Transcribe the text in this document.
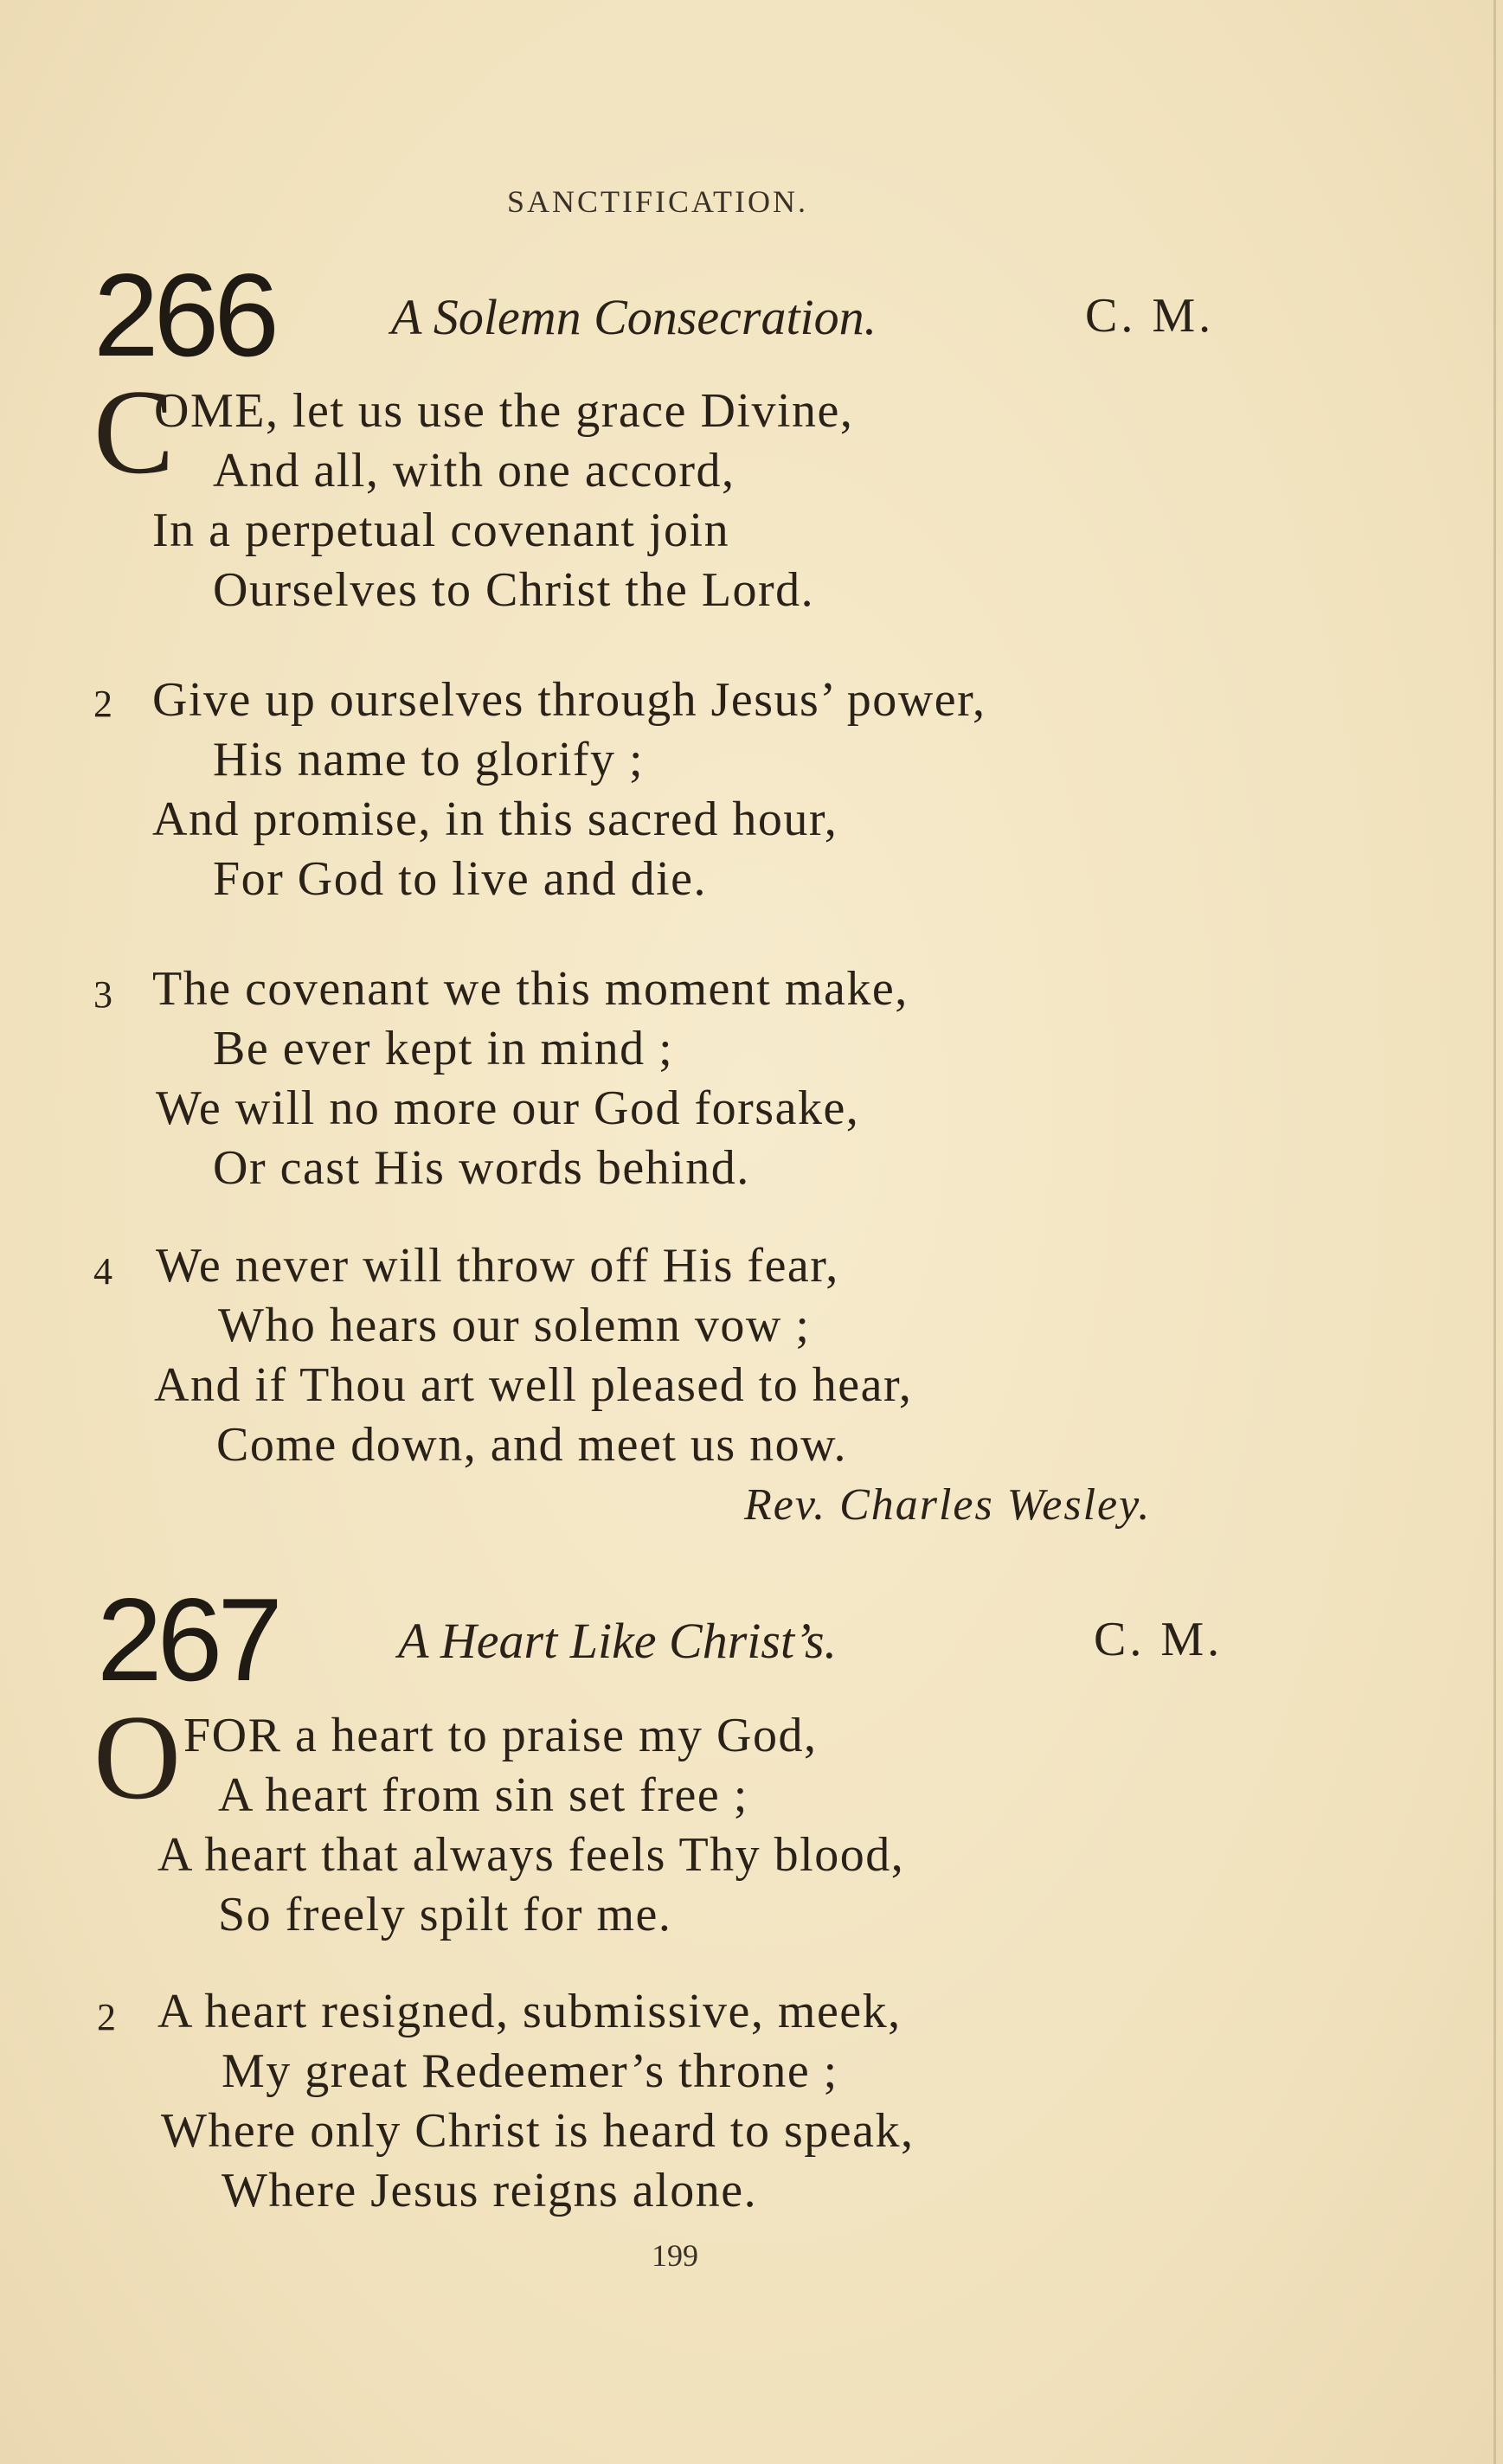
SANCTIFICATION.
266 A Solemn Consecration.	C. M.
C
OME, let us use the grace Divine,
And all, with one accord,
In a perpetual covenant join
Ourselves to Christ the Lord.
2 Give up ourselves through Jesus’ power,
His name to glorify ;
And promise, in this sacred hour,
For God to live and die.
3 The covenant we this moment make,
Be ever kept in mind ;
We will no more our God forsake,
Or cast His words behind.
4 We never will throw off His fear,
Who hears our solemn vow ;
And if Thou art well pleased to hear,
Come down, and meet us now.
Rev. Charles Wesley.
267 A Heart Like Christ’s.	C. M.
O FOR a heart to praise my God,
A heart from sin set free ;
A heart that always feels Thy blood,
So freely spilt for me.
2 A heart resigned, submissive, meek,
My great Redeemer’s throne ;
Where only Christ is heard to speak,
Where Jesus reigns alone.
199
